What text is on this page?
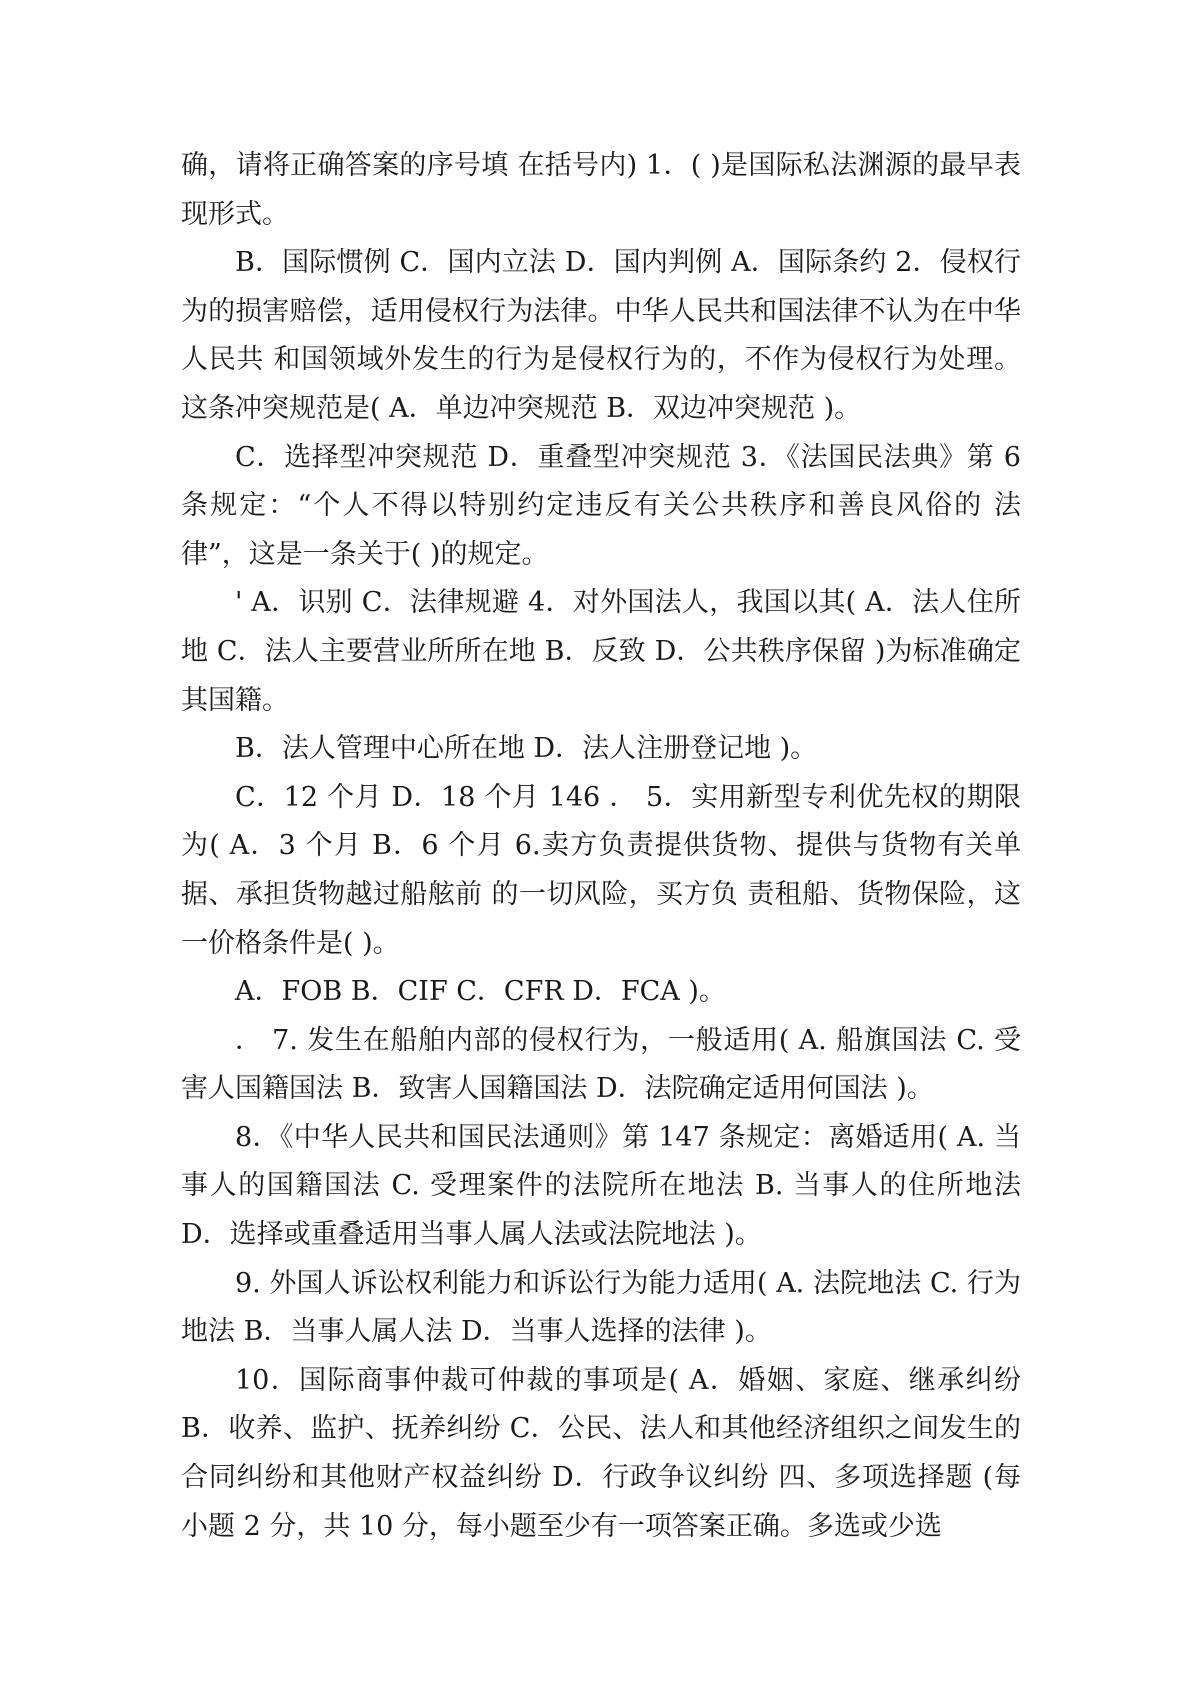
确，请将正确答案的序号填 在括号内) 1．( )是国际私法渊源的最早表现形式。

B．国际惯例 C．国内立法 D．国内判例 A．国际条约 2．侵权行为的损害赔偿，适用侵权行为法律。中华人民共和国法律不认为在中华人民共 和国领域外发生的行为是侵权行为的，不作为侵权行为处理。这条冲突规范是( A．单边冲突规范 B．双边冲突规范 )。

C．选择型冲突规范 D．重叠型冲突规范 3．《法国民法典》第 6 条规定：“个人不得以特别约定违反有关公共秩序和善良风俗的 法律”，这是一条关于( )的规定。

' A．识别 C．法律规避 4．对外国法人，我国以其( A．法人住所地 C．法人主要营业所所在地 B．反致 D．公共秩序保留 )为标准确定其国籍。

B．法人管理中心所在地 D．法人注册登记地 )。

C．12 个月 D．18 个月 146 ． 5．实用新型专利优先权的期限为( A．3 个月 B．6 个月 6.卖方负责提供货物、提供与货物有关单据、承担货物越过船舷前 的一切风险，买方负 责租船、货物保险，这一价格条件是( )。

A．FOB B．CIF C．CFR D．FCA )。

． 7. 发生在船舶内部的侵权行为，一般适用( A. 船旗国法 C. 受害人国籍国法 B．致害人国籍国法 D．法院确定适用何国法 )。

8．《中华人民共和国民法通则》第 147 条规定：离婚适用( A. 当事人的国籍国法 C. 受理案件的法院所在地法 B. 当事人的住所地法 D．选择或重叠适用当事人属人法或法院地法 )。

9. 外国人诉讼权利能力和诉讼行为能力适用( A. 法院地法 C. 行为地法 B．当事人属人法 D．当事人选择的法律 )。

10．国际商事仲裁可仲裁的事项是( A．婚姻、家庭、继承纠纷 B．收养、监护、抚养纠纷 C．公民、法人和其他经济组织之间发生的合同纠纷和其他财产权益纠纷 D．行政争议纠纷 四、多项选择题 (每小题 2 分，共 10 分，每小题至少有一项答案正确。多选或少选
